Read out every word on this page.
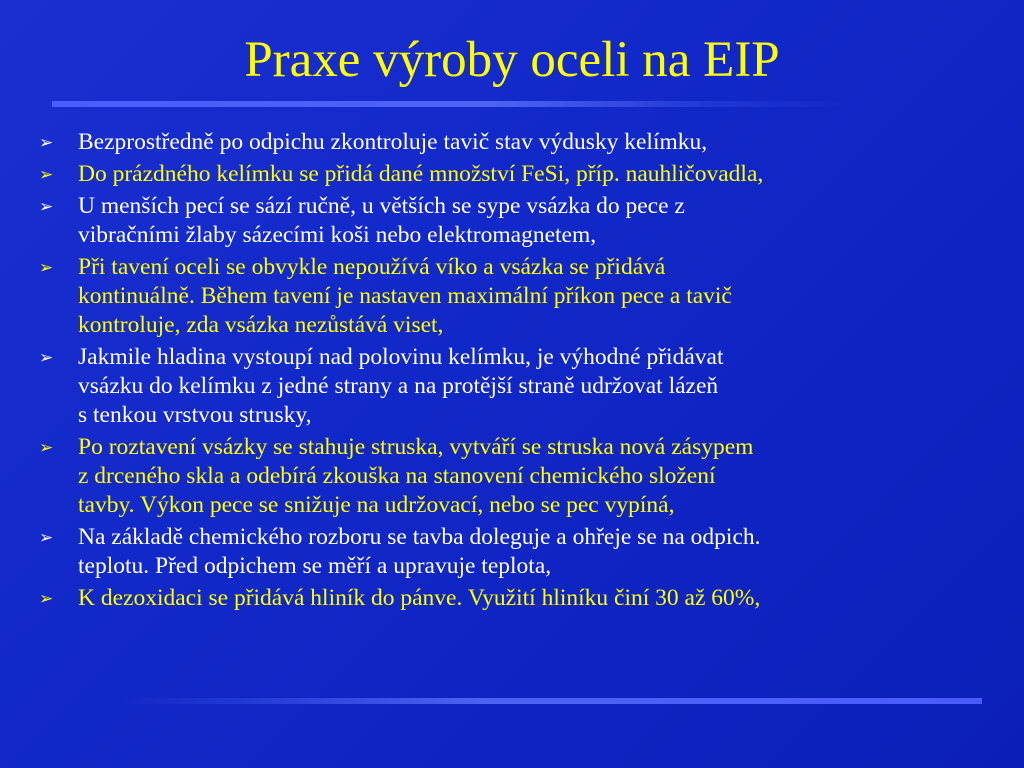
Praxe výroby oceli na EIP
➢ Bezprostředně po odpichu zkontroluje tavič stav výdusky kelímku,
➢ Do prázdného kelímku se přidá dané množství FeSi, příp. nauhličovadla,
➢ U menších pecí se sází ručně, u větších se sype vsázka do pece z
vibračními žlaby sázecími koši nebo elektromagnetem,
➢ Při tavení oceli se obvykle nepoužívá víko a vsázka se přidává
kontinuálně. Během tavení je nastaven maximální příkon pece a tavič
kontroluje, zda vsázka nezůstává viset,
➢ Jakmile hladina vystoupí nad polovinu kelímku, je výhodné přidávat
vsázku do kelímku z jedné strany a na protější straně udržovat lázeň
s tenkou vrstvou strusky,
➢ Po roztavení vsázky se stahuje struska, vytváří se struska nová zásypem
z drceného skla a odebírá zkouška na stanovení chemického složení
tavby. Výkon pece se snižuje na udržovací, nebo se pec vypíná,
➢ Na základě chemického rozboru se tavba doleguje a ohřeje se na odpich.
teplotu. Před odpichem se měří a upravuje teplota,
➢ K dezoxidaci se přidává hliník do pánve. Využití hliníku činí 30 až 60%,
